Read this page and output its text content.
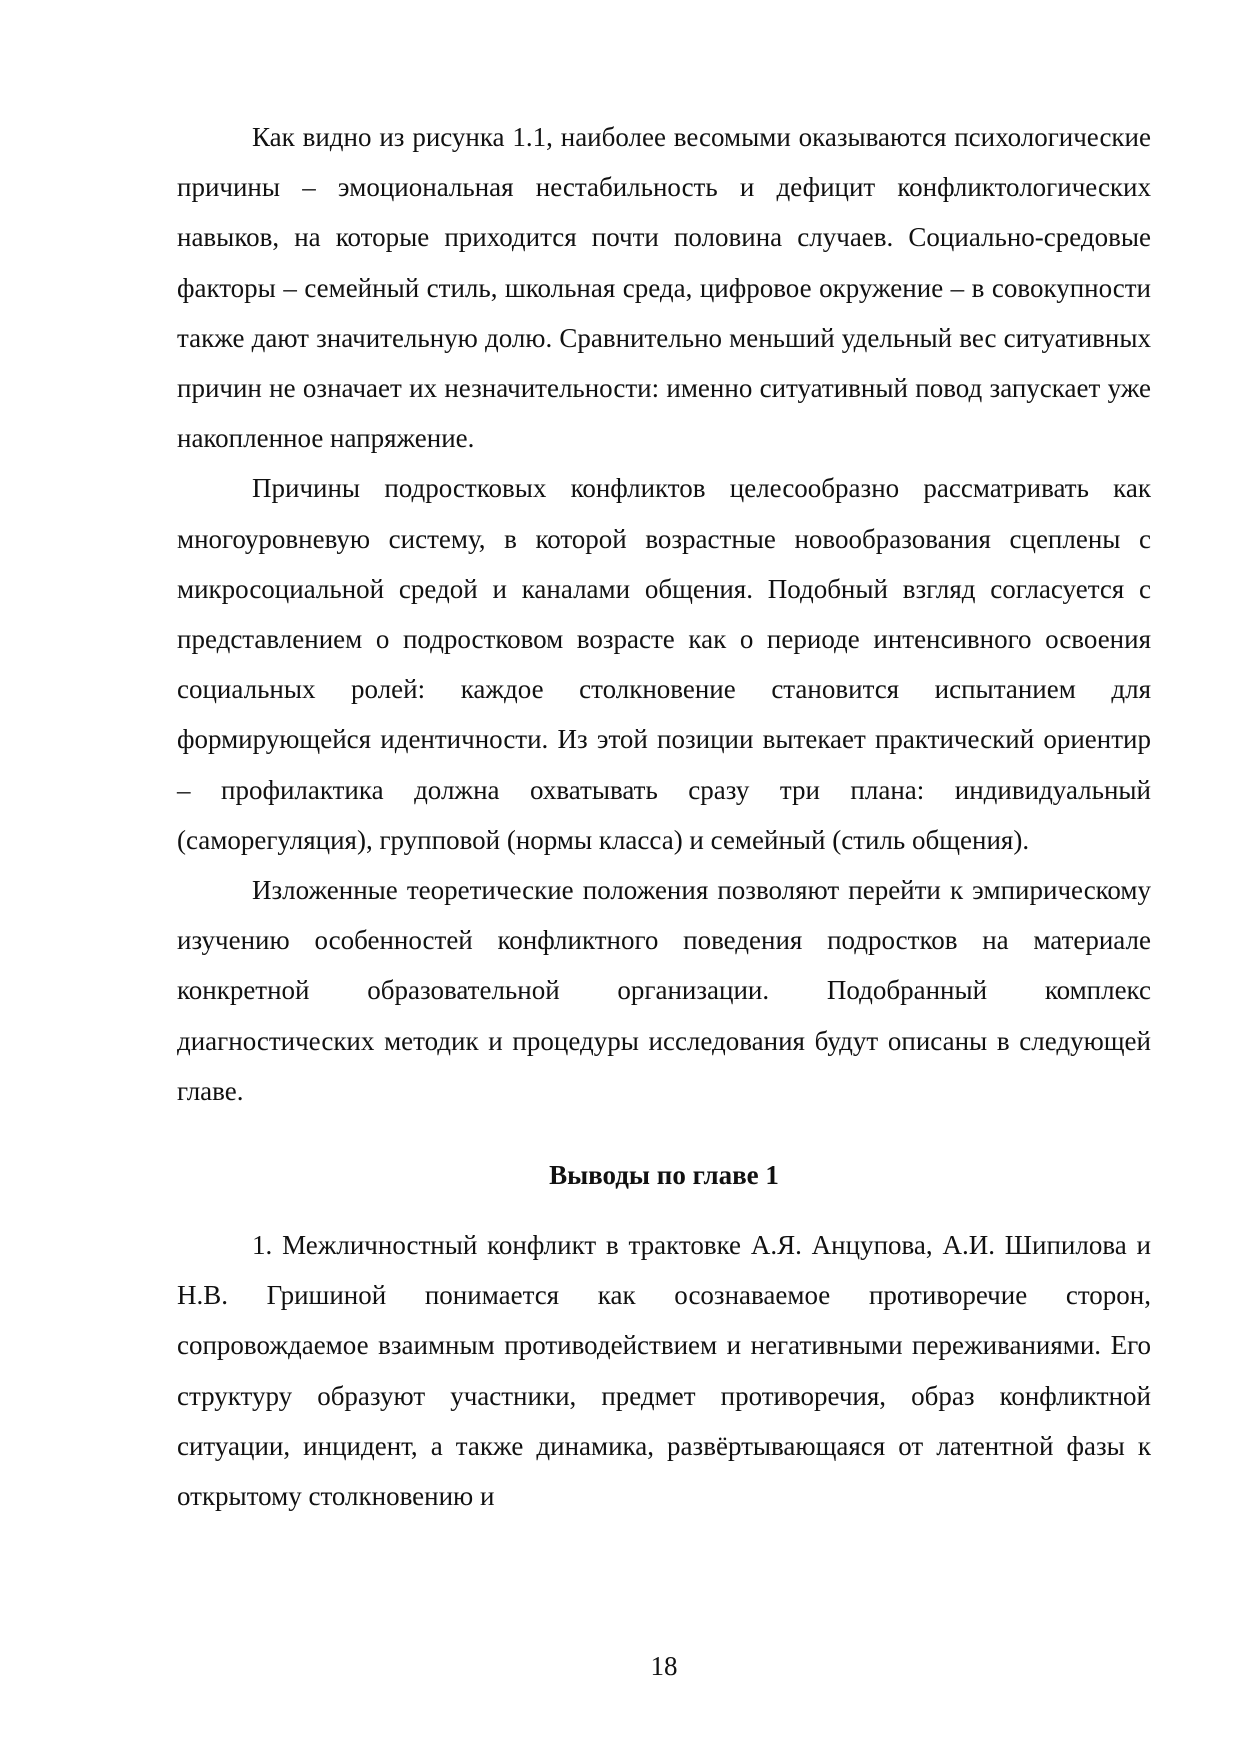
Как видно из рисунка 1.1, наиболее весомыми оказываются психологические причины – эмоциональная нестабильность и дефицит конфликтологических навыков, на которые приходится почти половина случаев. Социально-средовые факторы – семейный стиль, школьная среда, цифровое окружение – в совокупности также дают значительную долю. Сравнительно меньший удельный вес ситуативных причин не означает их незначительности: именно ситуативный повод запускает уже накопленное напряжение.

Причины подростковых конфликтов целесообразно рассматривать как многоуровневую систему, в которой возрастные новообразования сцеплены с микросоциальной средой и каналами общения. Подобный взгляд согласуется с представлением о подростковом возрасте как о периоде интенсивного освоения социальных ролей: каждое столкновение становится испытанием для формирующейся идентичности. Из этой позиции вытекает практический ориентир – профилактика должна охватывать сразу три плана: индивидуальный (саморегуляция), групповой (нормы класса) и семейный (стиль общения).

Изложенные теоретические положения позволяют перейти к эмпирическому изучению особенностей конфликтного поведения подростков на материале конкретной образовательной организации. Подобранный комплекс диагностических методик и процедуры исследования будут описаны в следующей главе.

Выводы по главе 1

1. Межличностный конфликт в трактовке А.Я. Анцупова, А.И. Шипилова и Н.В. Гришиной понимается как осознаваемое противоречие сторон, сопровождаемое взаимным противодействием и негативными переживаниями. Его структуру образуют участники, предмет противоречия, образ конфликтной ситуации, инцидент, а также динамика, развёртывающаяся от латентной фазы к открытому столкновению и

18
